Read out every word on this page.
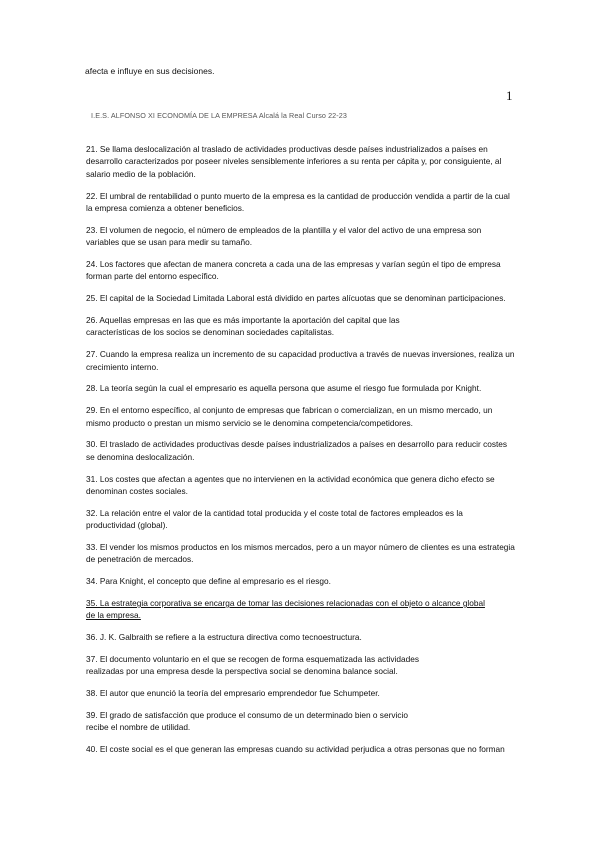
afecta e influye en sus decisiones.
1
I.E.S. ALFONSO XI ECONOMÍA DE LA EMPRESA Alcalá la Real Curso 22-23

21. Se llama deslocalización al traslado de actividades productivas desde países industrializados a países en
desarrollo caracterizados por poseer niveles sensiblemente inferiores a su renta per cápita y, por consiguiente, al
salario medio de la población.

22. El umbral de rentabilidad o punto muerto de la empresa es la cantidad de producción vendida a partir de la cual
la empresa comienza a obtener beneficios.

23. El volumen de negocio, el número de empleados de la plantilla y el valor del activo de una empresa son
variables que se usan para medir su tamaño.

24. Los factores que afectan de manera concreta a cada una de las empresas y varían según el tipo de empresa
forman parte del entorno específico.

25. El capital de la Sociedad Limitada Laboral está dividido en partes alícuotas que se denominan participaciones.

26. Aquellas empresas en las que es más importante la aportación del capital que las
características de los socios se denominan sociedades capitalistas.

27. Cuando la empresa realiza un incremento de su capacidad productiva a través de nuevas inversiones, realiza un
crecimiento interno.

28. La teoría según la cual el empresario es aquella persona que asume el riesgo fue formulada por Knight.

29. En el entorno específico, al conjunto de empresas que fabrican o comercializan, en un mismo mercado, un
mismo producto o prestan un mismo servicio se le denomina competencia/competidores.

30. El traslado de actividades productivas desde países industrializados a países en desarrollo para reducir costes
se denomina deslocalización.

31. Los costes que afectan a agentes que no intervienen en la actividad económica que genera dicho efecto se
denominan costes sociales.

32. La relación entre el valor de la cantidad total producida y el coste total de factores empleados es la
productividad (global).

33. El vender los mismos productos en los mismos mercados, pero a un mayor número de clientes es una estrategia
de penetración de mercados.

34. Para Knight, el concepto que define al empresario es el riesgo.

35. La estrategia corporativa se encarga de tomar las decisiones relacionadas con el objeto o alcance global
de la empresa.

36. J. K. Galbraith se refiere a la estructura directiva como tecnoestructura.

37. El documento voluntario en el que se recogen de forma esquematizada las actividades
realizadas por una empresa desde la perspectiva social se denomina balance social.

38. El autor que enunció la teoría del empresario emprendedor fue Schumpeter.

39. El grado de satisfacción que produce el consumo de un determinado bien o servicio
recibe el nombre de utilidad.

40. El coste social es el que generan las empresas cuando su actividad perjudica a otras personas que no forman
